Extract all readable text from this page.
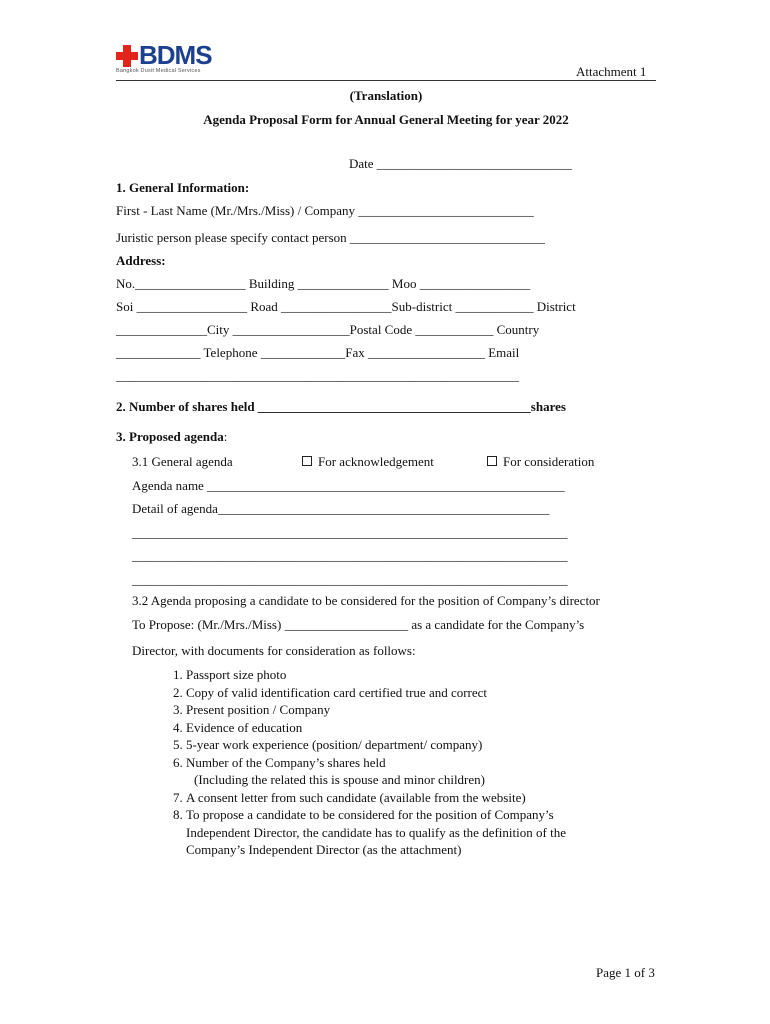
BDMS
Bangkok Dusit Medical Services	Attachment 1
(Translation)
Agenda Proposal Form for Annual General Meeting for year 2022
Date ______________________________
1. General Information:
First - Last Name (Mr./Mrs./Miss) / Company ___________________________
Juristic person please specify contact person ______________________________
Address:
No._________________ Building ______________ Moo _________________
Soi _________________ Road _________________Sub-district ____________ District
______________City __________________Postal Code ____________ Country
_____________ Telephone _____________Fax __________________ Email
______________________________________________________________
2. Number of shares held __________________________________________shares
3. Proposed agenda:
3.1 General agenda	For acknowledgement	For consideration
Agenda name _______________________________________________________
Detail of agenda___________________________________________________
___________________________________________________________________
___________________________________________________________________
___________________________________________________________________
3.2 Agenda proposing a candidate to be considered for the position of Company’s director
To Propose: (Mr./Mrs./Miss) ___________________ as a candidate for the Company’s
Director, with documents for consideration as follows:
1. Passport size photo
2. Copy of valid identification card certified true and correct
3. Present position / Company
4. Evidence of education
5. 5-year work experience (position/ department/ company)
6. Number of the Company’s shares held
(Including the related this is spouse and minor children)
7. A consent letter from such candidate (available from the website)
8. To propose a candidate to be considered for the position of Company’s
Independent Director, the candidate has to qualify as the definition of the
Company’s Independent Director (as the attachment)
Page 1 of 3
